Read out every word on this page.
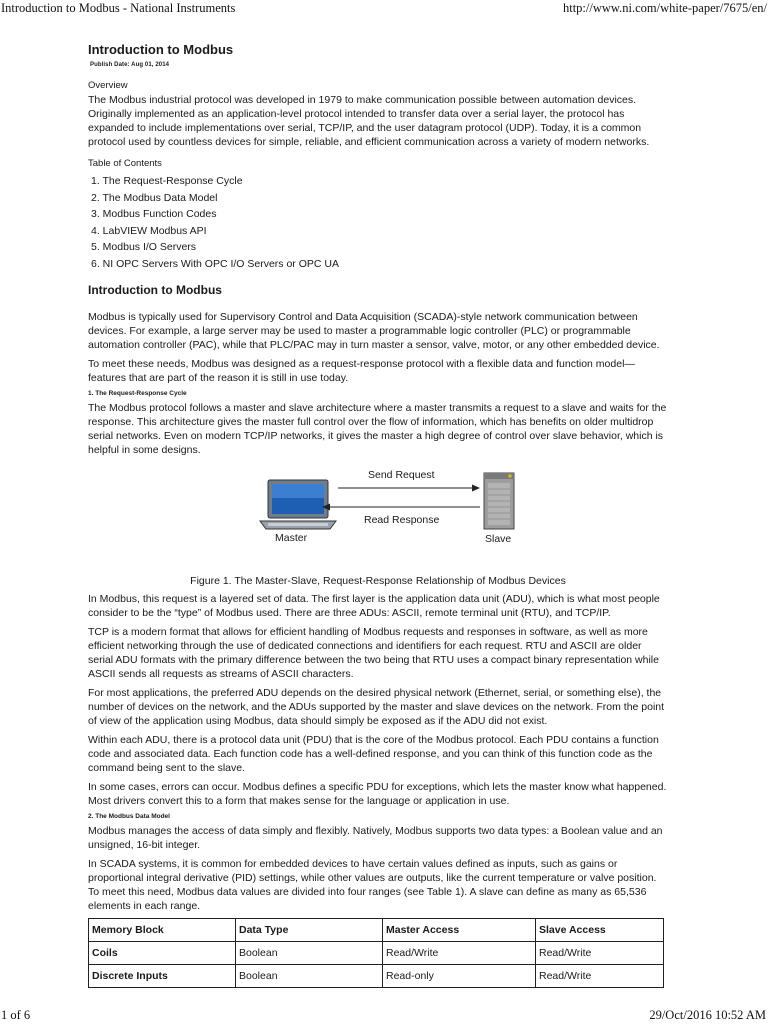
Introduction to Modbus - National Instruments	http://www.ni.com/white-paper/7675/en/
Introduction to Modbus
Publish Date: Aug 01, 2014
Overview

The Modbus industrial protocol was developed in 1979 to make communication possible between automation devices. Originally implemented as an application-level protocol intended to transfer data over a serial layer, the protocol has expanded to include implementations over serial, TCP/IP, and the user datagram protocol (UDP). Today, it is a common protocol used by countless devices for simple, reliable, and efficient communication across a variety of modern networks.

Table of Contents
1. The Request-Response Cycle
2. The Modbus Data Model
3. Modbus Function Codes
4. LabVIEW Modbus API
5. Modbus I/O Servers
6. NI OPC Servers With OPC I/O Servers or OPC UA
Introduction to Modbus

Modbus is typically used for Supervisory Control and Data Acquisition (SCADA)-style network communication between devices. For example, a large server may be used to master a programmable logic controller (PLC) or programmable automation controller (PAC), while that PLC/PAC may in turn master a sensor, valve, motor, or any other embedded device.

To meet these needs, Modbus was designed as a request-response protocol with a flexible data and function model—features that are part of the reason it is still in use today.

1. The Request-Response Cycle

The Modbus protocol follows a master and slave architecture where a master transmits a request to a slave and waits for the response. This architecture gives the master full control over the flow of information, which has benefits on older multidrop serial networks. Even on modern TCP/IP networks, it gives the master a high degree of control over slave behavior, which is helpful in some designs.

Send Request
Read Response
Master	Slave
Figure 1. The Master-Slave, Request-Response Relationship of Modbus Devices

In Modbus, this request is a layered set of data. The first layer is the application data unit (ADU), which is what most people consider to be the “type” of Modbus used. There are three ADUs: ASCII, remote terminal unit (RTU), and TCP/IP.

TCP is a modern format that allows for efficient handling of Modbus requests and responses in software, as well as more efficient networking through the use of dedicated connections and identifiers for each request. RTU and ASCII are older serial ADU formats with the primary difference between the two being that RTU uses a compact binary representation while ASCII sends all requests as streams of ASCII characters.

For most applications, the preferred ADU depends on the desired physical network (Ethernet, serial, or something else), the number of devices on the network, and the ADUs supported by the master and slave devices on the network. From the point of view of the application using Modbus, data should simply be exposed as if the ADU did not exist.

Within each ADU, there is a protocol data unit (PDU) that is the core of the Modbus protocol. Each PDU contains a function code and associated data. Each function code has a well-defined response, and you can think of this function code as the command being sent to the slave.

In some cases, errors can occur. Modbus defines a specific PDU for exceptions, which lets the master know what happened. Most drivers convert this to a form that makes sense for the language or application in use.

2. The Modbus Data Model

Modbus manages the access of data simply and flexibly. Natively, Modbus supports two data types: a Boolean value and an unsigned, 16-bit integer.

In SCADA systems, it is common for embedded devices to have certain values defined as inputs, such as gains or proportional integral derivative (PID) settings, while other values are outputs, like the current temperature or valve position. To meet this need, Modbus data values are divided into four ranges (see Table 1). A slave can define as many as 65,536 elements in each range.

Memory Block	Data Type	Master Access	Slave Access
Coils	Boolean	Read/Write	Read/Write
Discrete Inputs	Boolean	Read-only	Read/Write
1 of 6	29/Oct/2016 10:52 AM
